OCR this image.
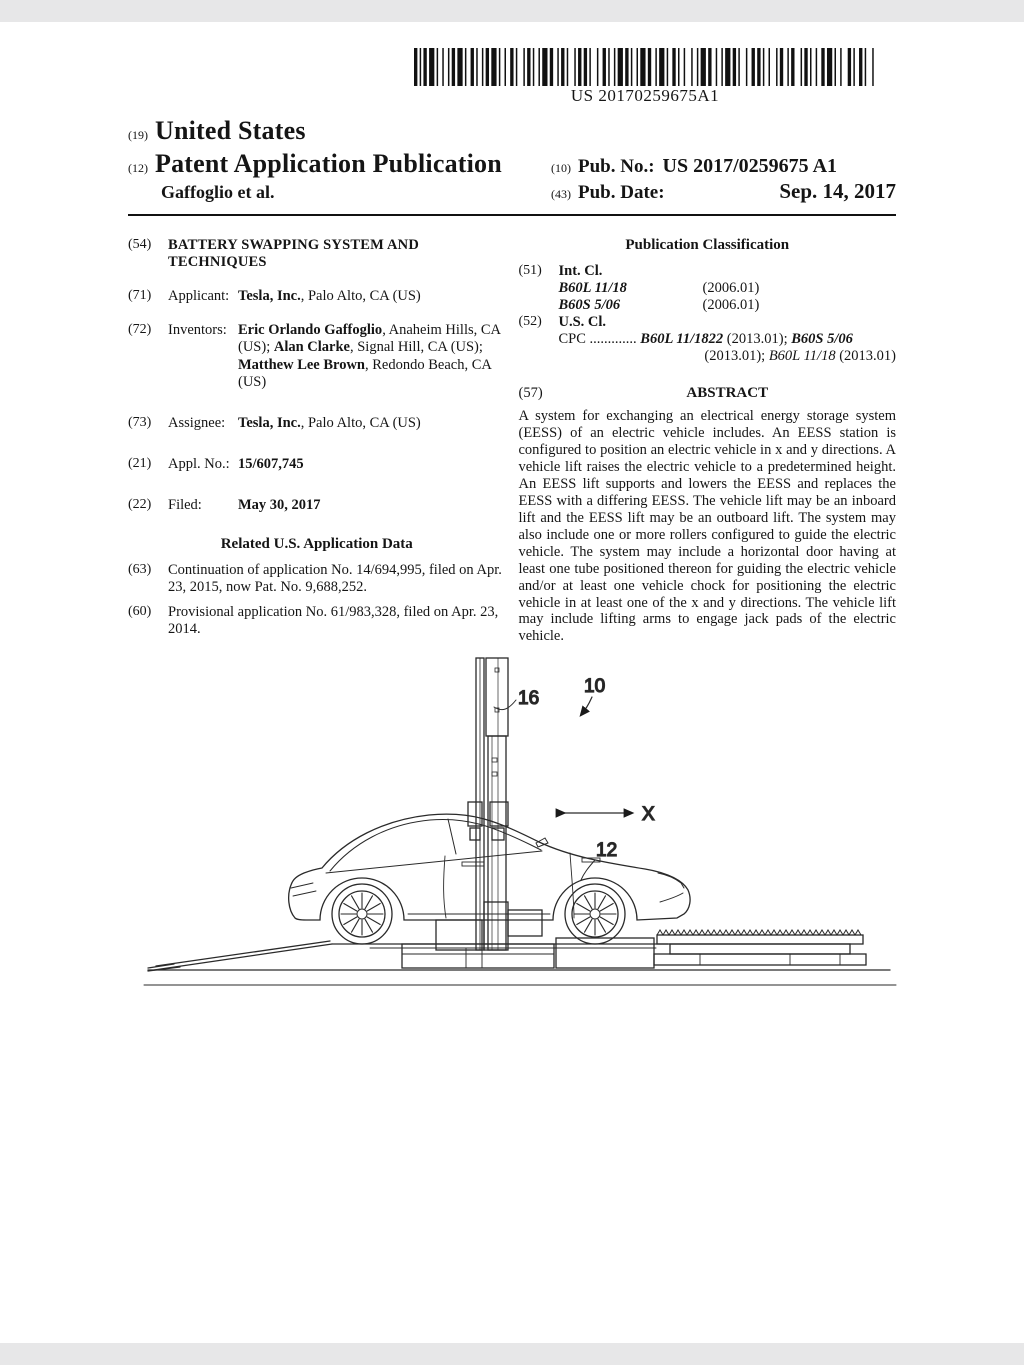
US 20170259675A1
(19) United States
(12) Patent Application Publication	(10) Pub. No.: US 2017/0259675 A1
Gaffoglio et al.	(43) Pub. Date:	Sep. 14, 2017
(54)	BATTERY SWAPPING SYSTEM AND TECHNIQUES
(71)	Applicant: Tesla, Inc., Palo Alto, CA (US)
(72)	Inventors: Eric Orlando Gaffoglio, Anaheim Hills, CA (US); Alan Clarke, Signal Hill, CA (US); Matthew Lee Brown, Redondo Beach, CA (US)
(73)	Assignee: Tesla, Inc., Palo Alto, CA (US)
(21)	Appl. No.: 15/607,745
(22)	Filed:	May 30, 2017
Related U.S. Application Data
(63)	Continuation of application No. 14/694,995, filed on Apr. 23, 2015, now Pat. No. 9,688,252.
(60)	Provisional application No. 61/983,328, filed on Apr. 23, 2014.
Publication Classification
(51)	Int. Cl.
B60L 11/18	(2006.01)
B60S 5/06	(2006.01)
(52)	U.S. Cl.
CPC ............. B60L 11/1822 (2013.01); B60S 5/06
(2013.01); B60L 11/18 (2013.01)
(57)	ABSTRACT
A system for exchanging an electrical energy storage system (EESS) of an electric vehicle includes. An EESS station is configured to position an electric vehicle in x and y directions. A vehicle lift raises the electric vehicle to a predetermined height. An EESS lift supports and lowers the EESS and replaces the EESS with a differing EESS. The vehicle lift may be an inboard lift and the EESS lift may be an outboard lift. The system may also include one or more rollers configured to guide the electric vehicle. The system may include a horizontal door having at least one tube positioned thereon for guiding the electric vehicle and/or at least one vehicle chock for positioning the electric vehicle in at least one of the x and y directions. The vehicle lift may include lifting arms to engage jack pads of the electric vehicle.
16
10
X
12
